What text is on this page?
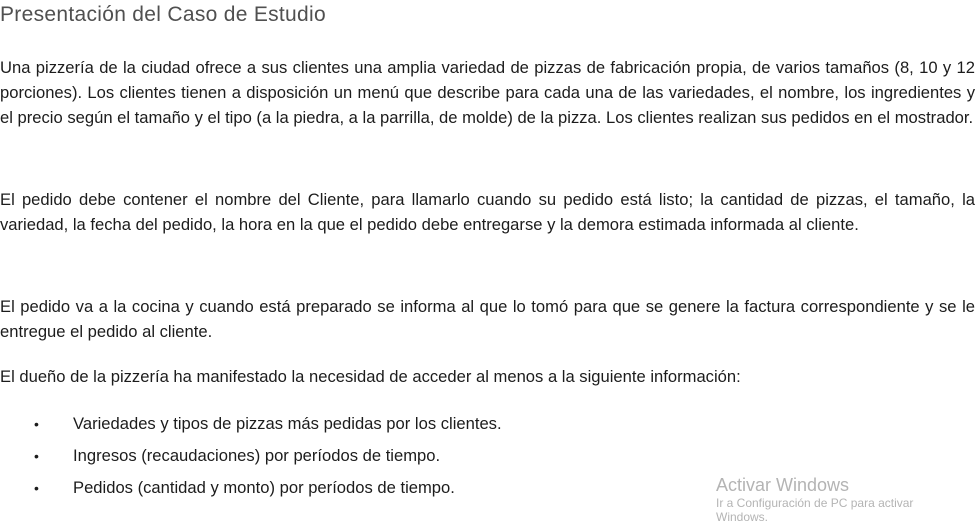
Presentación del Caso de Estudio

Una pizzería de la ciudad ofrece a sus clientes una amplia variedad de pizzas de fabricación propia, de varios tamaños (8, 10 y 12 porciones). Los clientes tienen a disposición un menú que describe para cada una de las variedades, el nombre, los ingredientes y el precio según el tamaño y el tipo (a la piedra, a la parrilla, de molde) de la pizza. Los clientes realizan sus pedidos en el mostrador.

El pedido debe contener el nombre del Cliente, para llamarlo cuando su pedido está listo; la cantidad de pizzas, el tamaño, la variedad, la fecha del pedido, la hora en la que el pedido debe entregarse y la demora estimada informada al cliente.

El pedido va a la cocina y cuando está preparado se informa al que lo tomó para que se genere la factura correspondiente y se le entregue el pedido al cliente.

El dueño de la pizzería ha manifestado la necesidad de acceder al menos a la siguiente información:

• Variedades y tipos de pizzas más pedidas por los clientes.
• Ingresos (recaudaciones) por períodos de tiempo.
• Pedidos (cantidad y monto) por períodos de tiempo.	Activar Windows
Ir a Configuración de PC para activar Windows.
